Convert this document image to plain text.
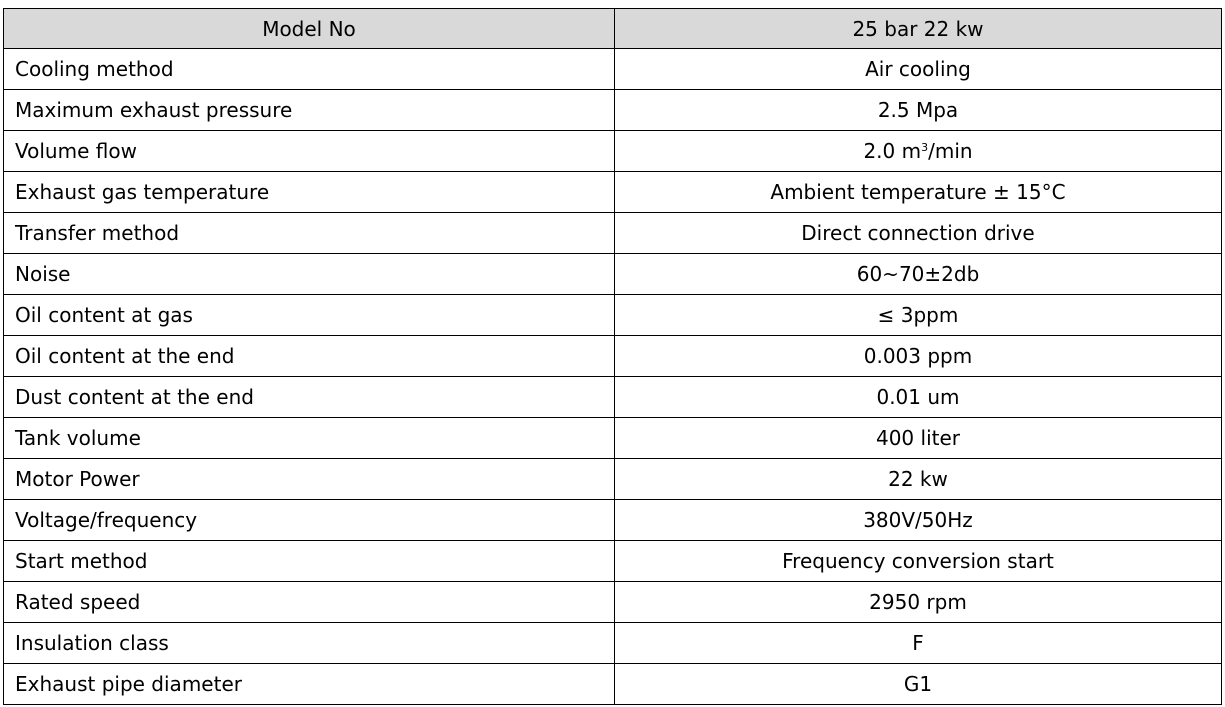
Model No	25 bar 22 kw
Cooling method	Air cooling
Maximum exhaust pressure	2.5 Mpa
Volume flow	2.0 $m^3/\min$
Exhaust gas temperature	Ambient temperature ± 15°C
Transfer method	Direct connection drive
Noise	60~70±2db
Oil content at gas	≤ 3ppm
Oil content at the end	0.003 ppm
Dust content at the end	0.01 um
Tank volume	400 liter
Motor Power	22 kw
Voltage/frequency	380V/50Hz
Start method	Frequency conversion start
Rated speed	2950 rpm
Insulation class	F
Exhaust pipe diameter	G1
